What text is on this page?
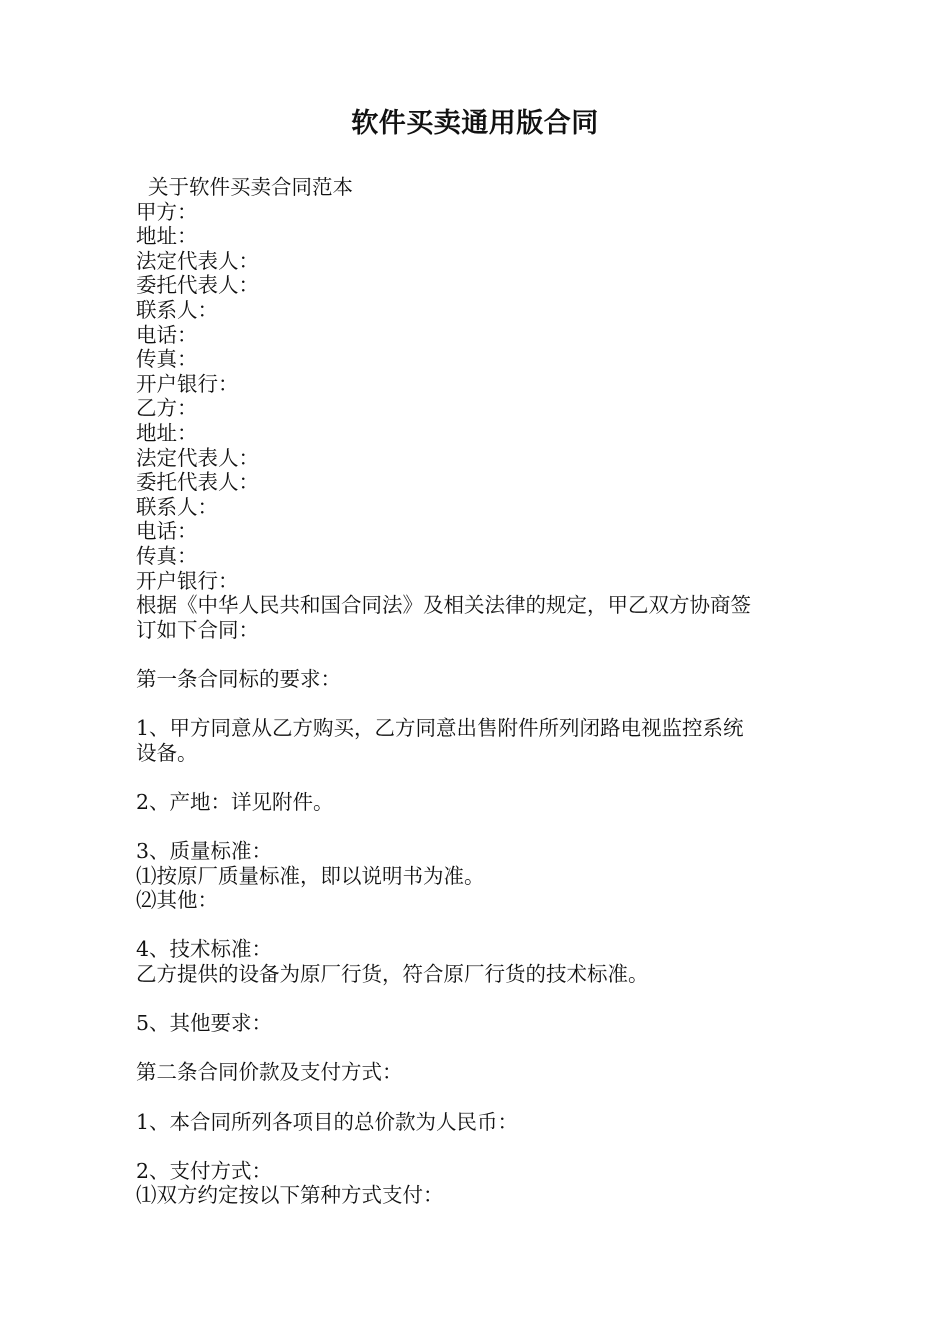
软件买卖通用版合同
关于软件买卖合同范本
甲方：
地址：
法定代表人：
委托代表人：
联系人：
电话：
传真：
开户银行：
乙方：
地址：
法定代表人：
委托代表人：
联系人：
电话：
传真：
开户银行：
根据《中华人民共和国合同法》及相关法律的规定，甲乙双方协商签
订如下合同：
第一条合同标的要求：
1、甲方同意从乙方购买，乙方同意出售附件所列闭路电视监控系统
设备。
2、产地：详见附件。
3、质量标准：
⑴按原厂质量标准，即以说明书为准。
⑵其他：
4、技术标准：
乙方提供的设备为原厂行货，符合原厂行货的技术标准。
5、其他要求：
第二条合同价款及支付方式：
1、本合同所列各项目的总价款为人民币：
2、支付方式：
⑴双方约定按以下第种方式支付：
